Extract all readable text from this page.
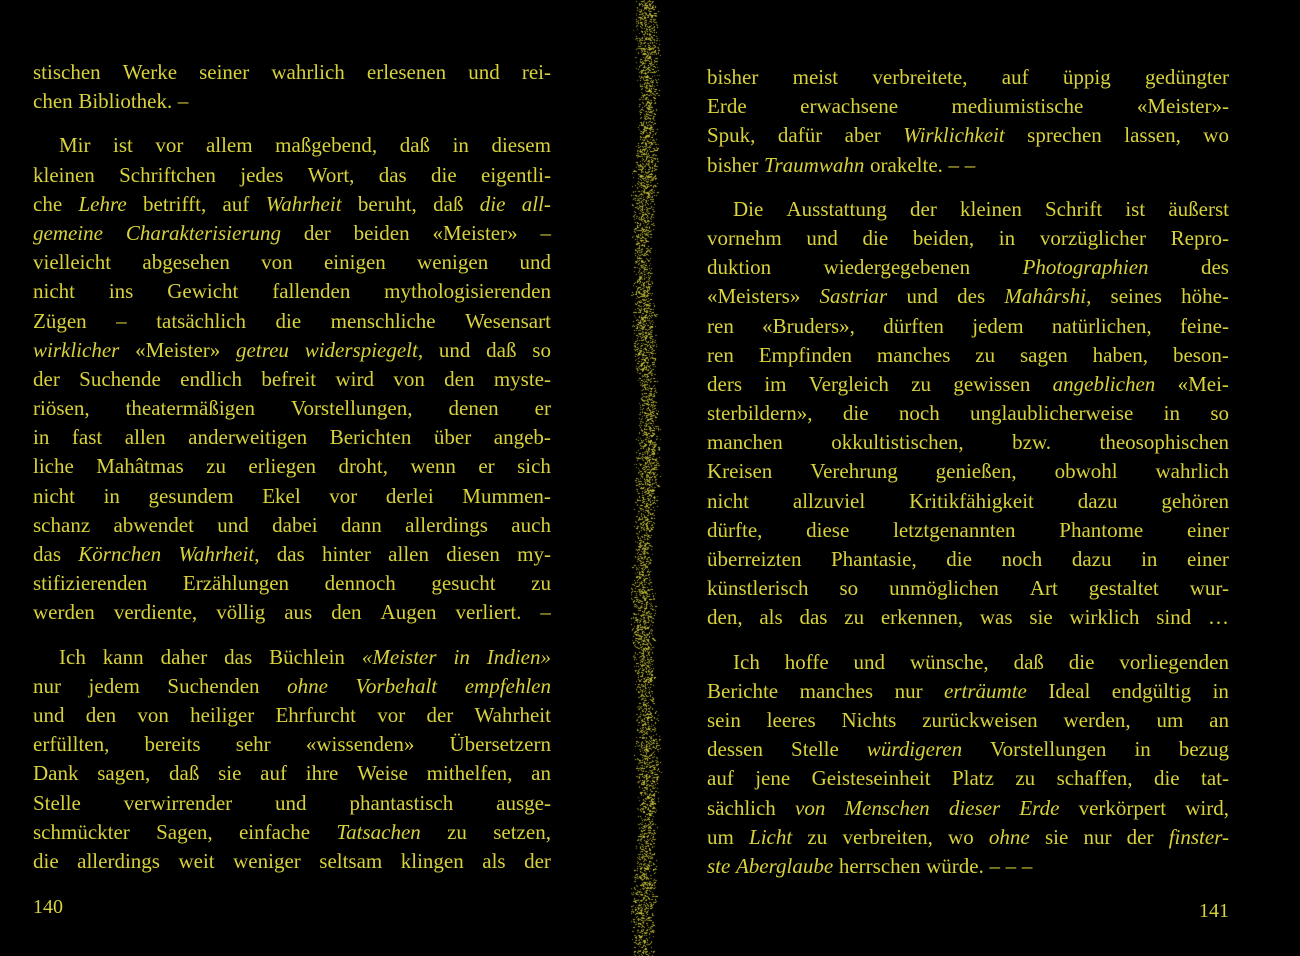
stischen Werke seiner wahrlich erlesenen und rei-
chen Bibliothek. –
Mir ist vor allem maßgebend, daß in diesem
kleinen Schriftchen jedes Wort, das die eigentli-
che Lehre betrifft, auf Wahrheit beruht, daß die all-
gemeine Charakterisierung der beiden «Meister» –
vielleicht abgesehen von einigen wenigen und
nicht ins Gewicht fallenden mythologisierenden
Zügen – tatsächlich die menschliche Wesensart
wirklicher «Meister» getreu widerspiegelt, und daß so
der Suchende endlich befreit wird von den myste-
riösen, theatermäßigen Vorstellungen, denen er
in fast allen anderweitigen Berichten über angeb-
liche Mahâtmas zu erliegen droht, wenn er sich
nicht in gesundem Ekel vor derlei Mummen-
schanz abwendet und dabei dann allerdings auch
das Körnchen Wahrheit, das hinter allen diesen my-
stifizierenden Erzählungen dennoch gesucht zu
werden verdiente, völlig aus den Augen verliert. –
Ich kann daher das Büchlein «Meister in Indien»
nur jedem Suchenden ohne Vorbehalt empfehlen
und den von heiliger Ehrfurcht vor der Wahrheit
erfüllten, bereits sehr «wissenden» Übersetzern
Dank sagen, daß sie auf ihre Weise mithelfen, an
Stelle verwirrender und phantastisch ausge-
schmückter Sagen, einfache Tatsachen zu setzen,
die allerdings weit weniger seltsam klingen als der
bisher meist verbreitete, auf üppig gedüngter
Erde	erwachsene	mediumistische	«Meister»-
Spuk, dafür aber Wirklichkeit sprechen lassen, wo
bisher Traumwahn orakelte. – –
Die Ausstattung der kleinen Schrift ist äußerst
vornehm und die beiden, in vorzüglicher Repro-
duktion wiedergegebenen Photographien des
«Meisters» Sastriar und des Mahârshi, seines höhe-
ren «Bruders», dürften jedem natürlichen, feine-
ren Empfinden manches zu sagen haben, beson-
ders im Vergleich zu gewissen angeblichen «Mei-
sterbildern», die noch unglaublicherweise in so
manchen okkultistischen, bzw. theosophischen
Kreisen Verehrung genießen, obwohl wahrlich
nicht allzuviel Kritikfähigkeit dazu gehören
dürfte, diese letztgenannten Phantome einer
überreizten Phantasie, die noch dazu in einer
künstlerisch so unmöglichen Art gestaltet wur-
den, als das zu erkennen, was sie wirklich sind …
Ich hoffe und wünsche, daß die vorliegenden
Berichte manches nur erträumte Ideal endgültig in
sein leeres Nichts zurückweisen werden, um an
dessen Stelle würdigeren Vorstellungen in bezug
auf jene Geisteseinheit Platz zu schaffen, die tat-
sächlich von Menschen dieser Erde verkörpert wird,
um Licht zu verbreiten, wo ohne sie nur der finster-
ste Aberglaube herrschen würde. – – –
140	141
